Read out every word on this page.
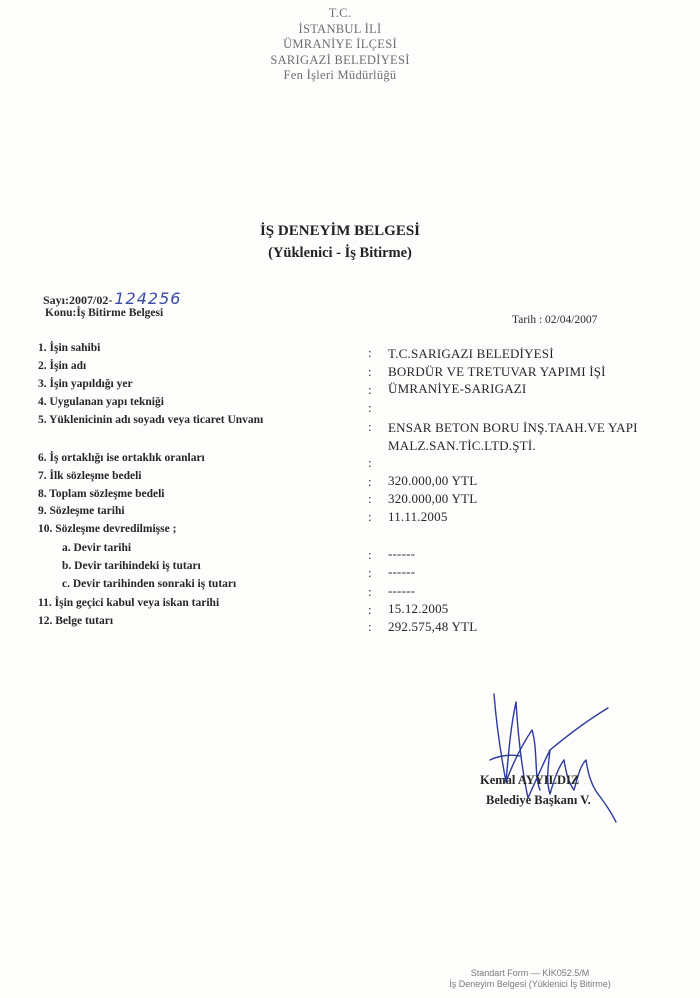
T.C.
İSTANBUL İLİ
ÜMRANİYE İLÇESİ
SARIGAZİ BELEDİYESİ
Fen İşleri Müdürlüğü
İŞ DENEYİM BELGESİ
(Yüklenici - İş Bitirme)
Sayı:2007/02- 124256
Konu:İş Bitirme Belgesi
Tarih : 02/04/2007
1. İşin sahibi	: T.C.SARIGAZI BELEDİYESİ
2. İşin adı	: BORDÜR VE TRETUVAR YAPIMI İŞİ
3. İşin yapıldığı yer	: ÜMRANİYE-SARIGAZI
4. Uygulanan yapı tekniği	:
5. Yüklenicinin adı soyadı veya ticaret Unvanı	: ENSAR BETON BORU İNŞ.TAAH.VE YAPI
MALZ.SAN.TİC.LTD.ŞTİ.
6. İş ortaklığı ise ortaklık oranları	:
7. İlk sözleşme bedeli	: 320.000,00 YTL
8. Toplam sözleşme bedeli	: 320.000,00 YTL
9. Sözleşme tarihi	: 11.11.2005
10. Sözleşme devredilmişse ;
a. Devir tarihi	: ------
b. Devir tarihindeki iş tutarı	: ------
c. Devir tarihinden sonraki iş tutarı	: ------
11. İşin geçici kabul veya iskan tarihi	: 15.12.2005
12. Belge tutarı	: 292.575,48 YTL
Kemal AYYILDIZ
Belediye Başkanı V.
Standart Form — KİK052.5/M
İş Deneyim Belgesi (Yüklenici İş Bitirme)
